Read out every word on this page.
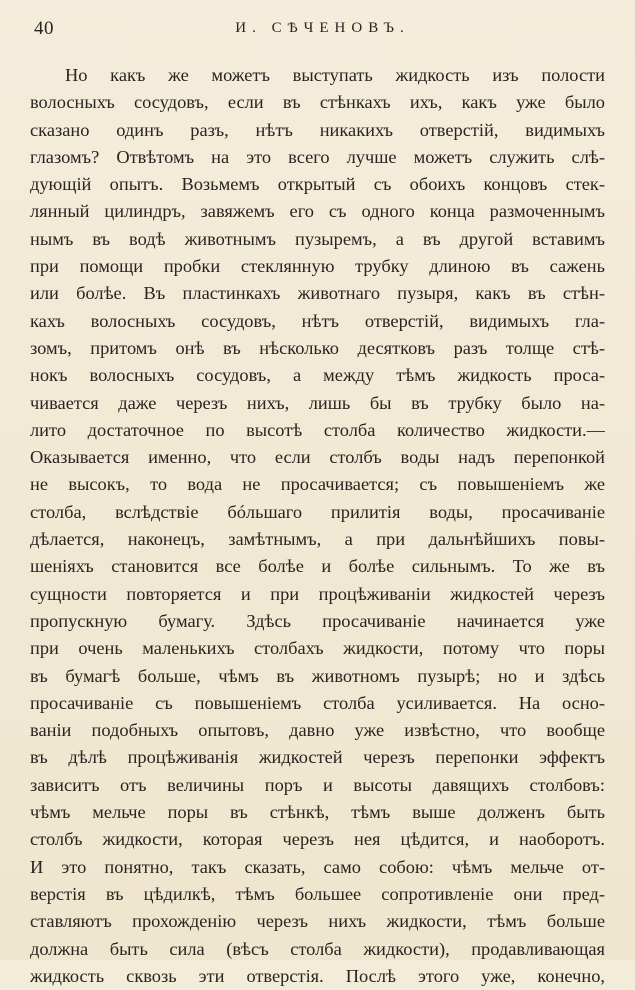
40	И. СѢЧЕНОВЪ.
Но какъ же можетъ выступать жидкость изъ полости
волосныхъ сосудовъ, если въ стѣнкахъ ихъ, какъ уже было
сказано одинъ разъ, нѣтъ никакихъ отверстій, видимыхъ
глазомъ? Отвѣтомъ на это всего лучше можетъ служить слѣ-
дующій опытъ. Возьмемъ открытый съ обоихъ концовъ стек-
лянный цилиндръ, завяжемъ его съ одного конца размоченнымъ
нымъ въ водѣ животнымъ пузыремъ, а въ другой вставимъ
при помощи пробки стеклянную трубку длиною въ сажень
или болѣе. Въ пластинкахъ животнаго пузыря, какъ въ стѣн-
кахъ волосныхъ сосудовъ, нѣтъ отверстій, видимыхъ гла-
зомъ, притомъ онѣ въ нѣсколько десятковъ разъ толще стѣ-
нокъ волосныхъ сосудовъ, а между тѣмъ жидкость проса-
чивается даже черезъ нихъ, лишь бы въ трубку было на-
лито достаточное по высотѣ столба количество жидкости.—
Оказывается именно, что если столбъ воды надъ перепонкой
не высокъ, то вода не просачивается; съ повышеніемъ же
столба, вслѣдствіе бóльшаго прилитія воды, просачиваніе
дѣлается, наконецъ, замѣтнымъ, а при дальнѣйшихъ повы-
шеніяхъ становится все болѣе и болѣе сильнымъ. То же въ
сущности повторяется и при процѣживаніи жидкостей черезъ
пропускную бумагу. Здѣсь просачиваніе начинается уже
при очень маленькихъ столбахъ жидкости, потому что поры
въ бумагѣ больше, чѣмъ въ животномъ пузырѣ; но и здѣсь
просачиваніе съ повышеніемъ столба усиливается. На осно-
ваніи подобныхъ опытовъ, давно уже извѣстно, что вообще
въ дѣлѣ процѣживанія жидкостей черезъ перепонки эффектъ
зависитъ отъ величины поръ и высоты давящихъ столбовъ:
чѣмъ мельче поры въ стѣнкѣ, тѣмъ выше долженъ быть
столбъ жидкости, которая черезъ нея цѣдится, и наоборотъ.
И это понятно, такъ сказать, само собою: чѣмъ мельче от-
верстія въ цѣдилкѣ, тѣмъ большее сопротивленіе они пред-
ставляютъ прохожденію черезъ нихъ жидкости, тѣмъ больше
должна быть сила (вѣсъ столба жидкости), продавливающая
жидкость сквозь эти отверстія. Послѣ этого уже, конечно,
